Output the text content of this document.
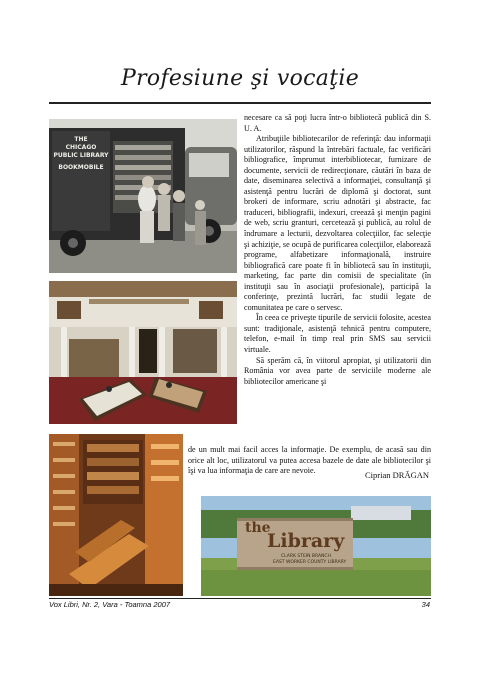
Profesiune şi vocaţie
THE
CHICAGO
PUBLIC LIBRARY
BOOKMOBILE
the
Library
CLARK STEIN BRANCH
EAST WORKER COUNTY LIBRARY

necesare ca să poţi lucra într-o bibliotecă publică din S. U. A.

Atribuţiile bibliotecarilor de referinţă: dau informaţii utilizatorilor, răspund la întrebări factuale, fac verificări bibliografice, împrumut interbibliotecar, furnizare de documente, servicii de redirecţionare, căutări în baza de date, diseminarea selectivă a informaţiei, consultanţă şi asistenţă pentru lucrări de diplomă şi doctorat, sunt brokeri de informare, scriu adnotări şi abstracte, fac traduceri, bibliografii, indexuri, creează şi menţin pagini de web, scriu granturi, cercetează şi publică, au rolul de îndrumare a lecturii, dezvoltarea colecţiilor, fac selecţie şi achiziţie, se ocupă de purificarea colecţiilor, elaborează programe, alfabetizare informaţională, instruire bibliografică care poate fi în bibliotecă sau în instituţii, marketing, fac parte din comisii de specialitate (în instituţii sau în asociaţii profesionale), participă la conferinţe, prezintă lucrări, fac studii legate de comunitatea pe care o servesc.

În ceea ce priveşte tipurile de servicii folosite, acestea sunt: tradiţionale, asistenţă tehnică pentru computere, telefon, e-mail în timp real prin SMS sau servicii virtuale.

Să sperăm că, în viitorul apropiat, şi utilizatorii din România vor avea parte de serviciile moderne ale bibliotecilor americane şi

de un mult mai facil acces la informaţie. De exemplu, de acasă sau din orice alt loc, utilizatorul va putea accesa bazele de date ale bibliotecilor şi îşi va lua informaţia de care are nevoie.	Ciprian DRĂGAN
Vox Libri, Nr. 2, Vara - Toamna 2007	34
